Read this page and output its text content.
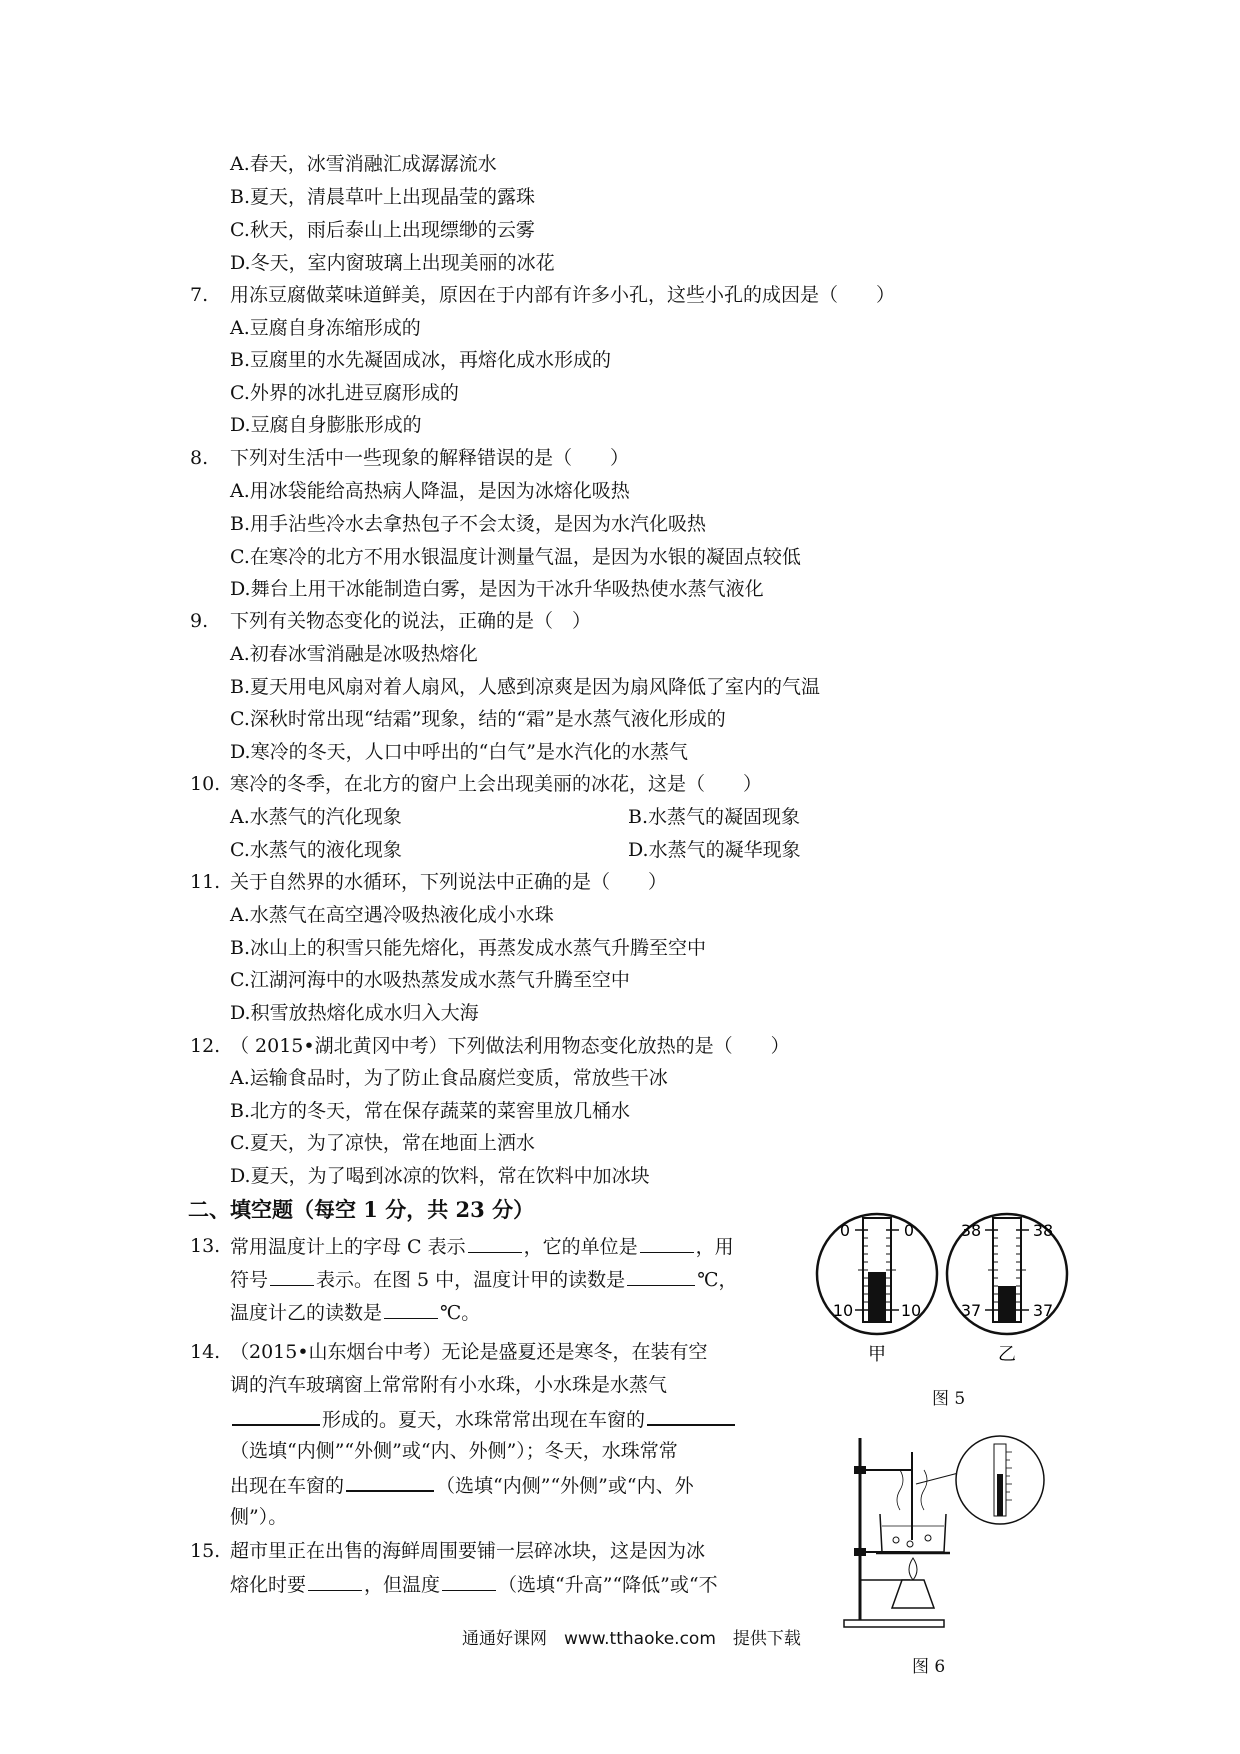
A.春天，冰雪消融汇成潺潺流水
B.夏天，清晨草叶上出现晶莹的露珠
C.秋天，雨后泰山上出现缥缈的云雾
D.冬天，室内窗玻璃上出现美丽的冰花
7. 用冻豆腐做菜味道鲜美，原因在于内部有许多小孔，这些小孔的成因是（　　）
A.豆腐自身冻缩形成的
B.豆腐里的水先凝固成冰，再熔化成水形成的
C.外界的冰扎进豆腐形成的
D.豆腐自身膨胀形成的
8. 下列对生活中一些现象的解释错误的是（　　）
A.用冰袋能给高热病人降温，是因为冰熔化吸热
B.用手沾些冷水去拿热包子不会太烫，是因为水汽化吸热
C.在寒冷的北方不用水银温度计测量气温，是因为水银的凝固点较低
D.舞台上用干冰能制造白雾，是因为干冰升华吸热使水蒸气液化
9. 下列有关物态变化的说法，正确的是（　）
A.初春冰雪消融是冰吸热熔化
B.夏天用电风扇对着人扇风，人感到凉爽是因为扇风降低了室内的气温
C.深秋时常出现“结霜”现象，结的“霜”是水蒸气液化形成的
D.寒冷的冬天，人口中呼出的“白气”是水汽化的水蒸气
10. 寒冷的冬季，在北方的窗户上会出现美丽的冰花，这是（　　）
A.水蒸气的汽化现象	B.水蒸气的凝固现象
C.水蒸气的液化现象	D.水蒸气的凝华现象
11. 关于自然界的水循环，下列说法中正确的是（　　）
A.水蒸气在高空遇冷吸热液化成小水珠
B.冰山上的积雪只能先熔化，再蒸发成水蒸气升腾至空中
C.江湖河海中的水吸热蒸发成水蒸气升腾至空中
D.积雪放热熔化成水归入大海
12. （ 2015•湖北黄冈中考）下列做法利用物态变化放热的是（　　）
A.运输食品时，为了防止食品腐烂变质，常放些干冰
B.北方的冬天，常在保存蔬菜的菜窖里放几桶水
C.夏天，为了凉快，常在地面上洒水
D.夏天，为了喝到冰凉的饮料，常在饮料中加冰块
二、填空题（每空 1 分，共 23 分）
13. 常用温度计上的字母 C 表示	，它的单位是	，用
符号	表示。在图 5 中，温度计甲的读数是	℃，
温度计乙的读数是	℃。
14. （2015•山东烟台中考）无论是盛夏还是寒冬，在装有空
调的汽车玻璃窗上常常附有小水珠，小水珠是水蒸气
形成的。夏天，水珠常常出现在车窗的
（选填“内侧”“外侧”或“内、外侧”）；冬天，水珠常常
出现在车窗的	（选填“内侧”“外侧”或“内、外
侧”）。
15. 超市里正在出售的海鲜周围要铺一层碎冰块，这是因为冰
熔化时要	，但温度	（选填“升高”“降低”或“不
0	0
10	10
甲
38	38
37	37
乙
图 5
图 6
通通好课网　www.tthaoke.com　提供下载
